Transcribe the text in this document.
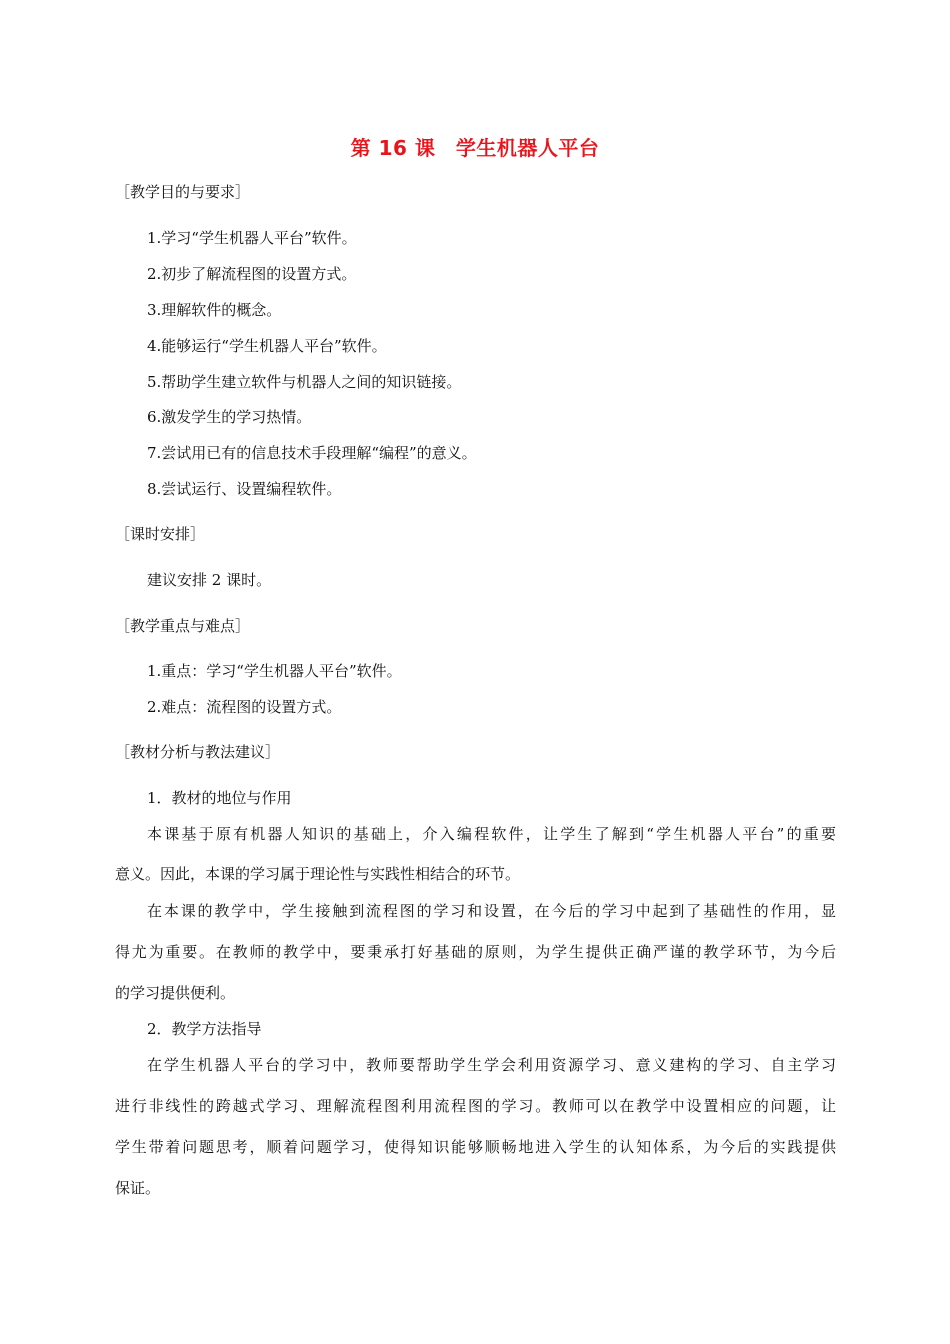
第 16 课　学生机器人平台

［教学目的与要求］

1.学习“学生机器人平台”软件。

2.初步了解流程图的设置方式。

3.理解软件的概念。

4.能够运行“学生机器人平台”软件。

5.帮助学生建立软件与机器人之间的知识链接。

6.激发学生的学习热情。

7.尝试用已有的信息技术手段理解“编程”的意义。

8.尝试运行、设置编程软件。

［课时安排］

建议安排 2 课时。

［教学重点与难点］

1.重点：学习“学生机器人平台”软件。

2.难点：流程图的设置方式。

［教材分析与教法建议］

1．教材的地位与作用

本课基于原有机器人知识的基础上，介入编程软件，让学生了解到“学生机器人平台”的重要

意义。因此，本课的学习属于理论性与实践性相结合的环节。

在本课的教学中，学生接触到流程图的学习和设置，在今后的学习中起到了基础性的作用，显

得尤为重要。在教师的教学中，要秉承打好基础的原则，为学生提供正确严谨的教学环节，为今后

的学习提供便利。

2．教学方法指导

在学生机器人平台的学习中，教师要帮助学生学会利用资源学习、意义建构的学习、自主学习

进行非线性的跨越式学习、理解流程图利用流程图的学习。教师可以在教学中设置相应的问题，让

学生带着问题思考，顺着问题学习，使得知识能够顺畅地进入学生的认知体系，为今后的实践提供

保证。
